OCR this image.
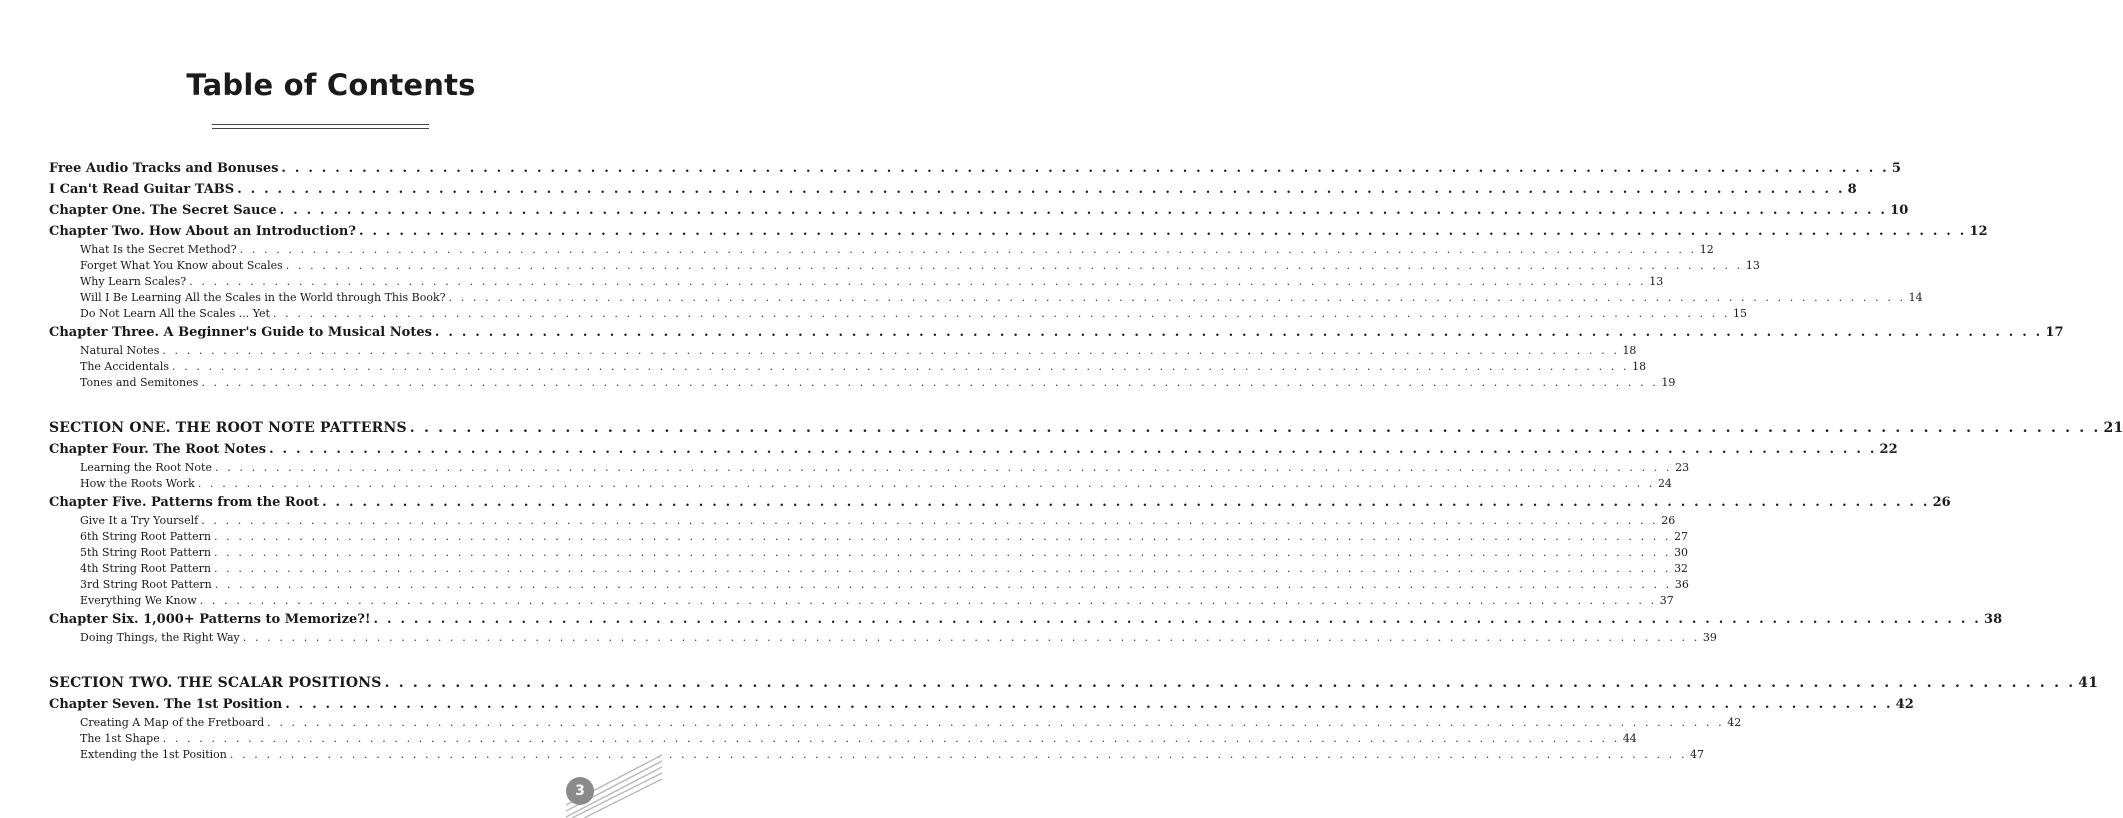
Table of Contents
Free Audio Tracks and Bonuses . . . . . . . . . . . . . . . . . . . . . . . . . . . . . . . . . . . . . . . . . . . . . . . . . . . . . . . . . . . . . . . . . . . . . . . . . . . . . . . . . . . . . . . . . . . . . . . . . . . . . . . . . . . . . . . . . . . . . . . . 5
I Can't Read Guitar TABS . . . . . . . . . . . . . . . . . . . . . . . . . . . . . . . . . . . . . . . . . . . . . . . . . . . . . . . . . . . . . . . . . . . . . . . . . . . . . . . . . . . . . . . . . . . . . . . . . . . . . . . . . . . . . . . . . . . . . . . . 8
Chapter One. The Secret Sauce . . . . . . . . . . . . . . . . . . . . . . . . . . . . . . . . . . . . . . . . . . . . . . . . . . . . . . . . . . . . . . . . . . . . . . . . . . . . . . . . . . . . . . . . . . . . . . . . . . . . . . . . . . . . . . . . . . . . . . . . 10
Chapter Two. How About an Introduction? . . . . . . . . . . . . . . . . . . . . . . . . . . . . . . . . . . . . . . . . . . . . . . . . . . . . . . . . . . . . . . . . . . . . . . . . . . . . . . . . . . . . . . . . . . . . . . . . . . . . . . . . . . . . . . . . . . . . . . . . 12
What Is the Secret Method? . . . . . . . . . . . . . . . . . . . . . . . . . . . . . . . . . . . . . . . . . . . . . . . . . . . . . . . . . . . . . . . . . . . . . . . . . . . . . . . . . . . . . . . . . . . . . . . . . . . . . . . . . . . . . . . . . . . . . . . . 12
Forget What You Know about Scales . . . . . . . . . . . . . . . . . . . . . . . . . . . . . . . . . . . . . . . . . . . . . . . . . . . . . . . . . . . . . . . . . . . . . . . . . . . . . . . . . . . . . . . . . . . . . . . . . . . . . . . . . . . . . . . . . . . . . . . . 13
Why Learn Scales? . . . . . . . . . . . . . . . . . . . . . . . . . . . . . . . . . . . . . . . . . . . . . . . . . . . . . . . . . . . . . . . . . . . . . . . . . . . . . . . . . . . . . . . . . . . . . . . . . . . . . . . . . . . . . . . . . . . . . . . . 13
Will I Be Learning All the Scales in the World through This Book? . . . . . . . . . . . . . . . . . . . . . . . . . . . . . . . . . . . . . . . . . . . . . . . . . . . . . . . . . . . . . . . . . . . . . . . . . . . . . . . . . . . . . . . . . . . . . . . . . . . . . . . . . . . . . . . . . . . . . . . . 14
Do Not Learn All the Scales ... Yet . . . . . . . . . . . . . . . . . . . . . . . . . . . . . . . . . . . . . . . . . . . . . . . . . . . . . . . . . . . . . . . . . . . . . . . . . . . . . . . . . . . . . . . . . . . . . . . . . . . . . . . . . . . . . . . . . . . . . . . . 15
Chapter Three. A Beginner's Guide to Musical Notes . . . . . . . . . . . . . . . . . . . . . . . . . . . . . . . . . . . . . . . . . . . . . . . . . . . . . . . . . . . . . . . . . . . . . . . . . . . . . . . . . . . . . . . . . . . . . . . . . . . . . . . . . . . . . . . . . . . . . . . . 17
Natural Notes . . . . . . . . . . . . . . . . . . . . . . . . . . . . . . . . . . . . . . . . . . . . . . . . . . . . . . . . . . . . . . . . . . . . . . . . . . . . . . . . . . . . . . . . . . . . . . . . . . . . . . . . . . . . . . . . . . . . . . . . 18
The Accidentals . . . . . . . . . . . . . . . . . . . . . . . . . . . . . . . . . . . . . . . . . . . . . . . . . . . . . . . . . . . . . . . . . . . . . . . . . . . . . . . . . . . . . . . . . . . . . . . . . . . . . . . . . . . . . . . . . . . . . . . . 18
Tones and Semitones . . . . . . . . . . . . . . . . . . . . . . . . . . . . . . . . . . . . . . . . . . . . . . . . . . . . . . . . . . . . . . . . . . . . . . . . . . . . . . . . . . . . . . . . . . . . . . . . . . . . . . . . . . . . . . . . . . . . . . . . 19
SECTION ONE. THE ROOT NOTE PATTERNS . . . . . . . . . . . . . . . . . . . . . . . . . . . . . . . . . . . . . . . . . . . . . . . . . . . . . . . . . . . . . . . . . . . . . . . . . . . . . . . . . . . . . . . . . . . . . . . . . . . . . . . . . . . . . . . . . . . . . . . . 21
Chapter Four. The Root Notes . . . . . . . . . . . . . . . . . . . . . . . . . . . . . . . . . . . . . . . . . . . . . . . . . . . . . . . . . . . . . . . . . . . . . . . . . . . . . . . . . . . . . . . . . . . . . . . . . . . . . . . . . . . . . . . . . . . . . . . . 22
Learning the Root Note . . . . . . . . . . . . . . . . . . . . . . . . . . . . . . . . . . . . . . . . . . . . . . . . . . . . . . . . . . . . . . . . . . . . . . . . . . . . . . . . . . . . . . . . . . . . . . . . . . . . . . . . . . . . . . . . . . . . . . . . 23
How the Roots Work . . . . . . . . . . . . . . . . . . . . . . . . . . . . . . . . . . . . . . . . . . . . . . . . . . . . . . . . . . . . . . . . . . . . . . . . . . . . . . . . . . . . . . . . . . . . . . . . . . . . . . . . . . . . . . . . . . . . . . . . 24
Chapter Five. Patterns from the Root . . . . . . . . . . . . . . . . . . . . . . . . . . . . . . . . . . . . . . . . . . . . . . . . . . . . . . . . . . . . . . . . . . . . . . . . . . . . . . . . . . . . . . . . . . . . . . . . . . . . . . . . . . . . . . . . . . . . . . . . 26
Give It a Try Yourself . . . . . . . . . . . . . . . . . . . . . . . . . . . . . . . . . . . . . . . . . . . . . . . . . . . . . . . . . . . . . . . . . . . . . . . . . . . . . . . . . . . . . . . . . . . . . . . . . . . . . . . . . . . . . . . . . . . . . . . . 26
6th String Root Pattern . . . . . . . . . . . . . . . . . . . . . . . . . . . . . . . . . . . . . . . . . . . . . . . . . . . . . . . . . . . . . . . . . . . . . . . . . . . . . . . . . . . . . . . . . . . . . . . . . . . . . . . . . . . . . . . . . . . . . . . . 27
5th String Root Pattern . . . . . . . . . . . . . . . . . . . . . . . . . . . . . . . . . . . . . . . . . . . . . . . . . . . . . . . . . . . . . . . . . . . . . . . . . . . . . . . . . . . . . . . . . . . . . . . . . . . . . . . . . . . . . . . . . . . . . . . . 30
4th String Root Pattern . . . . . . . . . . . . . . . . . . . . . . . . . . . . . . . . . . . . . . . . . . . . . . . . . . . . . . . . . . . . . . . . . . . . . . . . . . . . . . . . . . . . . . . . . . . . . . . . . . . . . . . . . . . . . . . . . . . . . . . . 32
3rd String Root Pattern . . . . . . . . . . . . . . . . . . . . . . . . . . . . . . . . . . . . . . . . . . . . . . . . . . . . . . . . . . . . . . . . . . . . . . . . . . . . . . . . . . . . . . . . . . . . . . . . . . . . . . . . . . . . . . . . . . . . . . . . 36
Everything We Know . . . . . . . . . . . . . . . . . . . . . . . . . . . . . . . . . . . . . . . . . . . . . . . . . . . . . . . . . . . . . . . . . . . . . . . . . . . . . . . . . . . . . . . . . . . . . . . . . . . . . . . . . . . . . . . . . . . . . . . . 37
Chapter Six. 1,000+ Patterns to Memorize?! . . . . . . . . . . . . . . . . . . . . . . . . . . . . . . . . . . . . . . . . . . . . . . . . . . . . . . . . . . . . . . . . . . . . . . . . . . . . . . . . . . . . . . . . . . . . . . . . . . . . . . . . . . . . . . . . . . . . . . . . 38
Doing Things, the Right Way . . . . . . . . . . . . . . . . . . . . . . . . . . . . . . . . . . . . . . . . . . . . . . . . . . . . . . . . . . . . . . . . . . . . . . . . . . . . . . . . . . . . . . . . . . . . . . . . . . . . . . . . . . . . . . . . . . . . . . . . 39
SECTION TWO. THE SCALAR POSITIONS . . . . . . . . . . . . . . . . . . . . . . . . . . . . . . . . . . . . . . . . . . . . . . . . . . . . . . . . . . . . . . . . . . . . . . . . . . . . . . . . . . . . . . . . . . . . . . . . . . . . . . . . . . . . . . . . . . . . . . . . 41
Chapter Seven. The 1st Position . . . . . . . . . . . . . . . . . . . . . . . . . . . . . . . . . . . . . . . . . . . . . . . . . . . . . . . . . . . . . . . . . . . . . . . . . . . . . . . . . . . . . . . . . . . . . . . . . . . . . . . . . . . . . . . . . . . . . . . . 42
Creating A Map of the Fretboard . . . . . . . . . . . . . . . . . . . . . . . . . . . . . . . . . . . . . . . . . . . . . . . . . . . . . . . . . . . . . . . . . . . . . . . . . . . . . . . . . . . . . . . . . . . . . . . . . . . . . . . . . . . . . . . . . . . . . . . . 42
The 1st Shape . . . . . . . . . . . . . . . . . . . . . . . . . . . . . . . . . . . . . . . . . . . . . . . . . . . . . . . . . . . . . . . . . . . . . . . . . . . . . . . . . . . . . . . . . . . . . . . . . . . . . . . . . . . . . . . . . . . . . . . . 44
Extending the 1st Position . . . . . . . . . . . . . . . . . . . . . . . . . . . . . . . . . . . . . . . . . . . . . . . . . . . . . . . . . . . . . . . . . . . . . . . . . . . . . . . . . . . . . . . . . . . . . . . . . . . . . . . . . . . . . . . . . . . . . . . . 47
3
